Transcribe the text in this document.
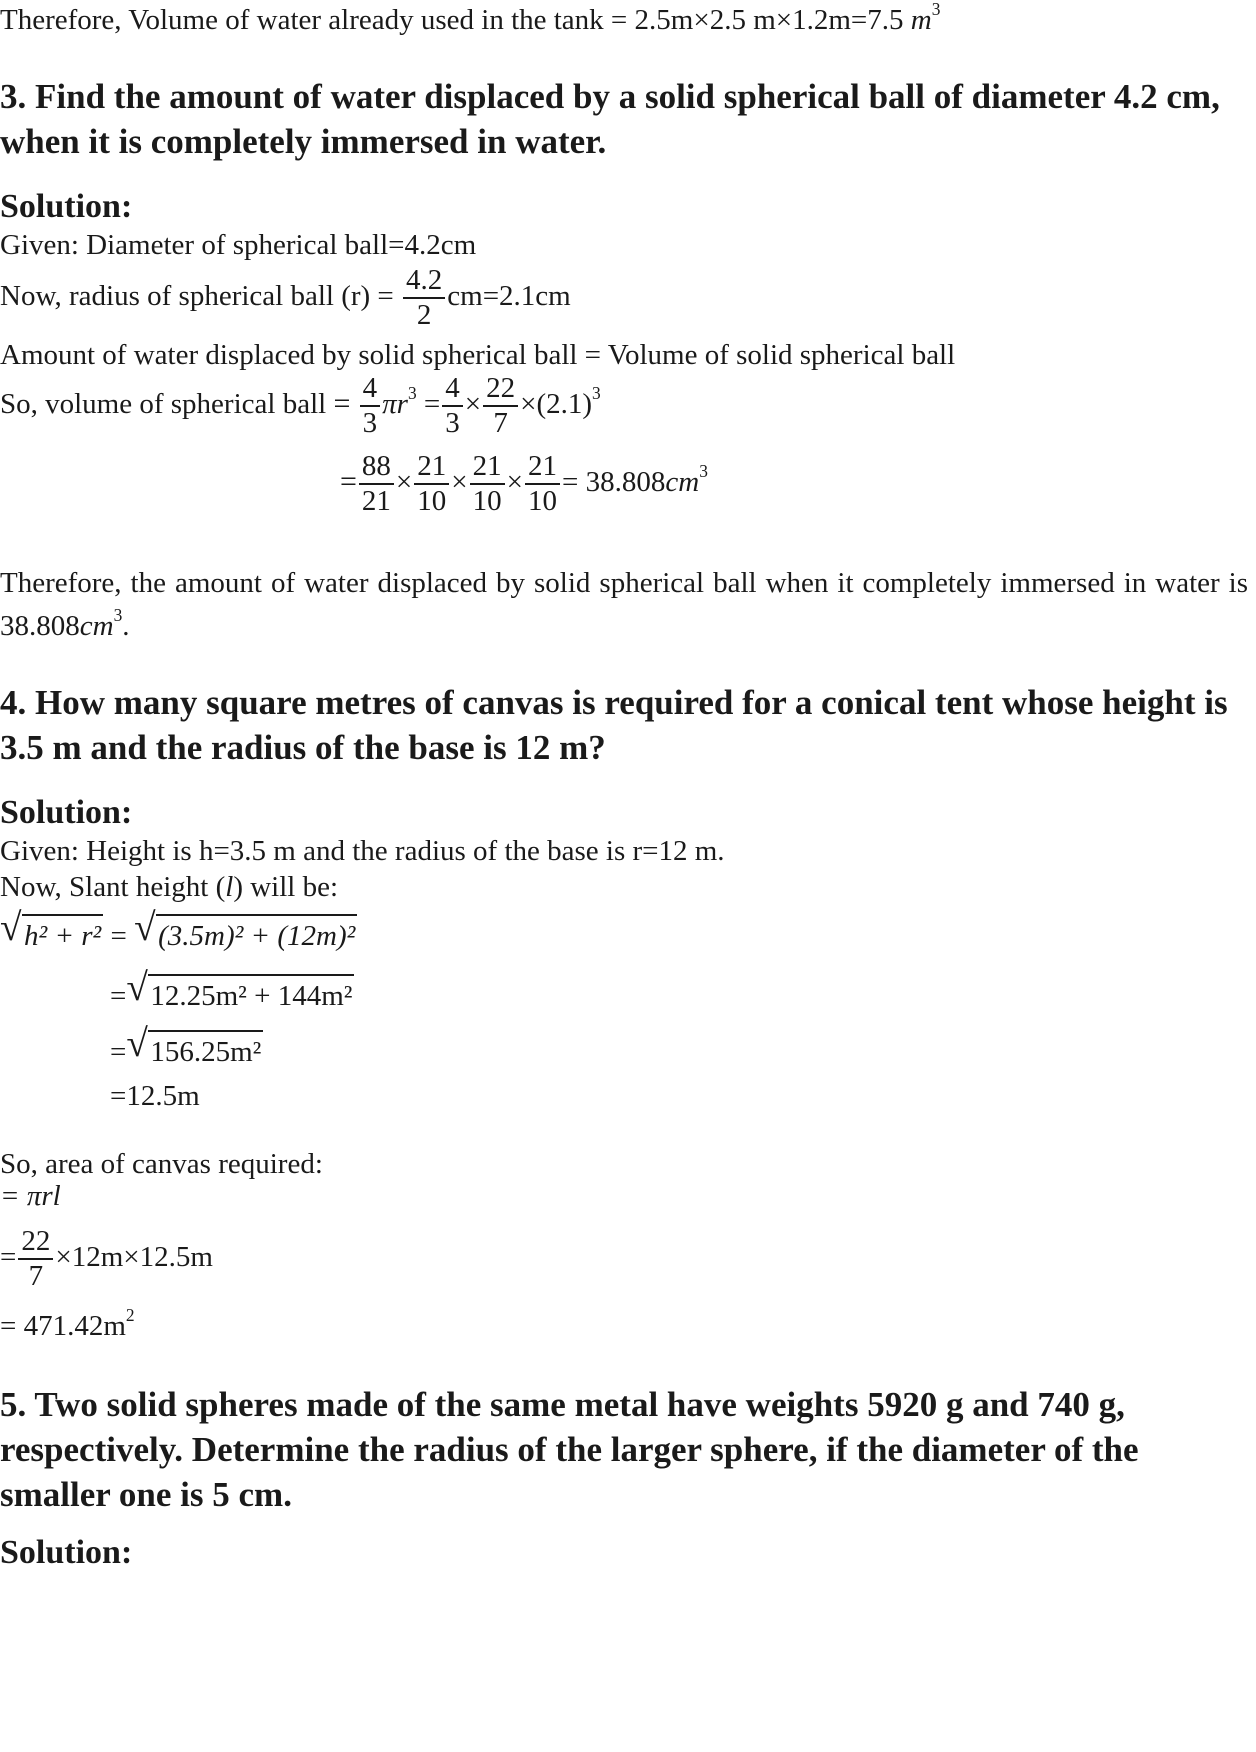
Therefore, Volume of water already used in the tank = 2.5m×2.5 m×1.2m=7.5 $m^3$
3. Find the amount of water displaced by a solid spherical ball of diameter 4.2 cm, when it is completely immersed in water.
Solution:
Given: Diameter of spherical ball=4.2cm
Now, radius of spherical ball $(r) = \frac{4.2}{2} cm=2.1cm$
Amount of water displaced by solid spherical ball = Volume of solid spherical ball
So, volume of spherical ball = $\frac{4}{3} \pi r^3 = \frac{4}{3} \times \frac{22}{7} \times(2.1)^3$
= $\frac{88}{21} \times \frac{21}{10} \times \frac{21}{10} \times \frac{21}{10} = 38.808cm^3$
Therefore, the amount of water displaced by solid spherical ball when it completely immersed in water is $38.808cm^3$.
4. How many square metres of canvas is required for a conical tent whose height is 3.5 m and the radius of the base is 12 m?
Solution:
Given: Height is h=3.5 m and the radius of the base is r=12 m.
Now, Slant height (l) will be:
√ h² + r² = √ (3.5m)² + (12m)²
= √ 12.25m² + 144m²
= √ 156.25m²
=12.5m
So, area of canvas required:
= πrl
= $\frac{22}{7} \times 12m\times 12.5m$
= $471.42m^2$
5. Two solid spheres made of the same metal have weights 5920 g and 740 g, respectively. Determine the radius of the larger sphere, if the diameter of the smaller one is 5 cm.
Solution:
